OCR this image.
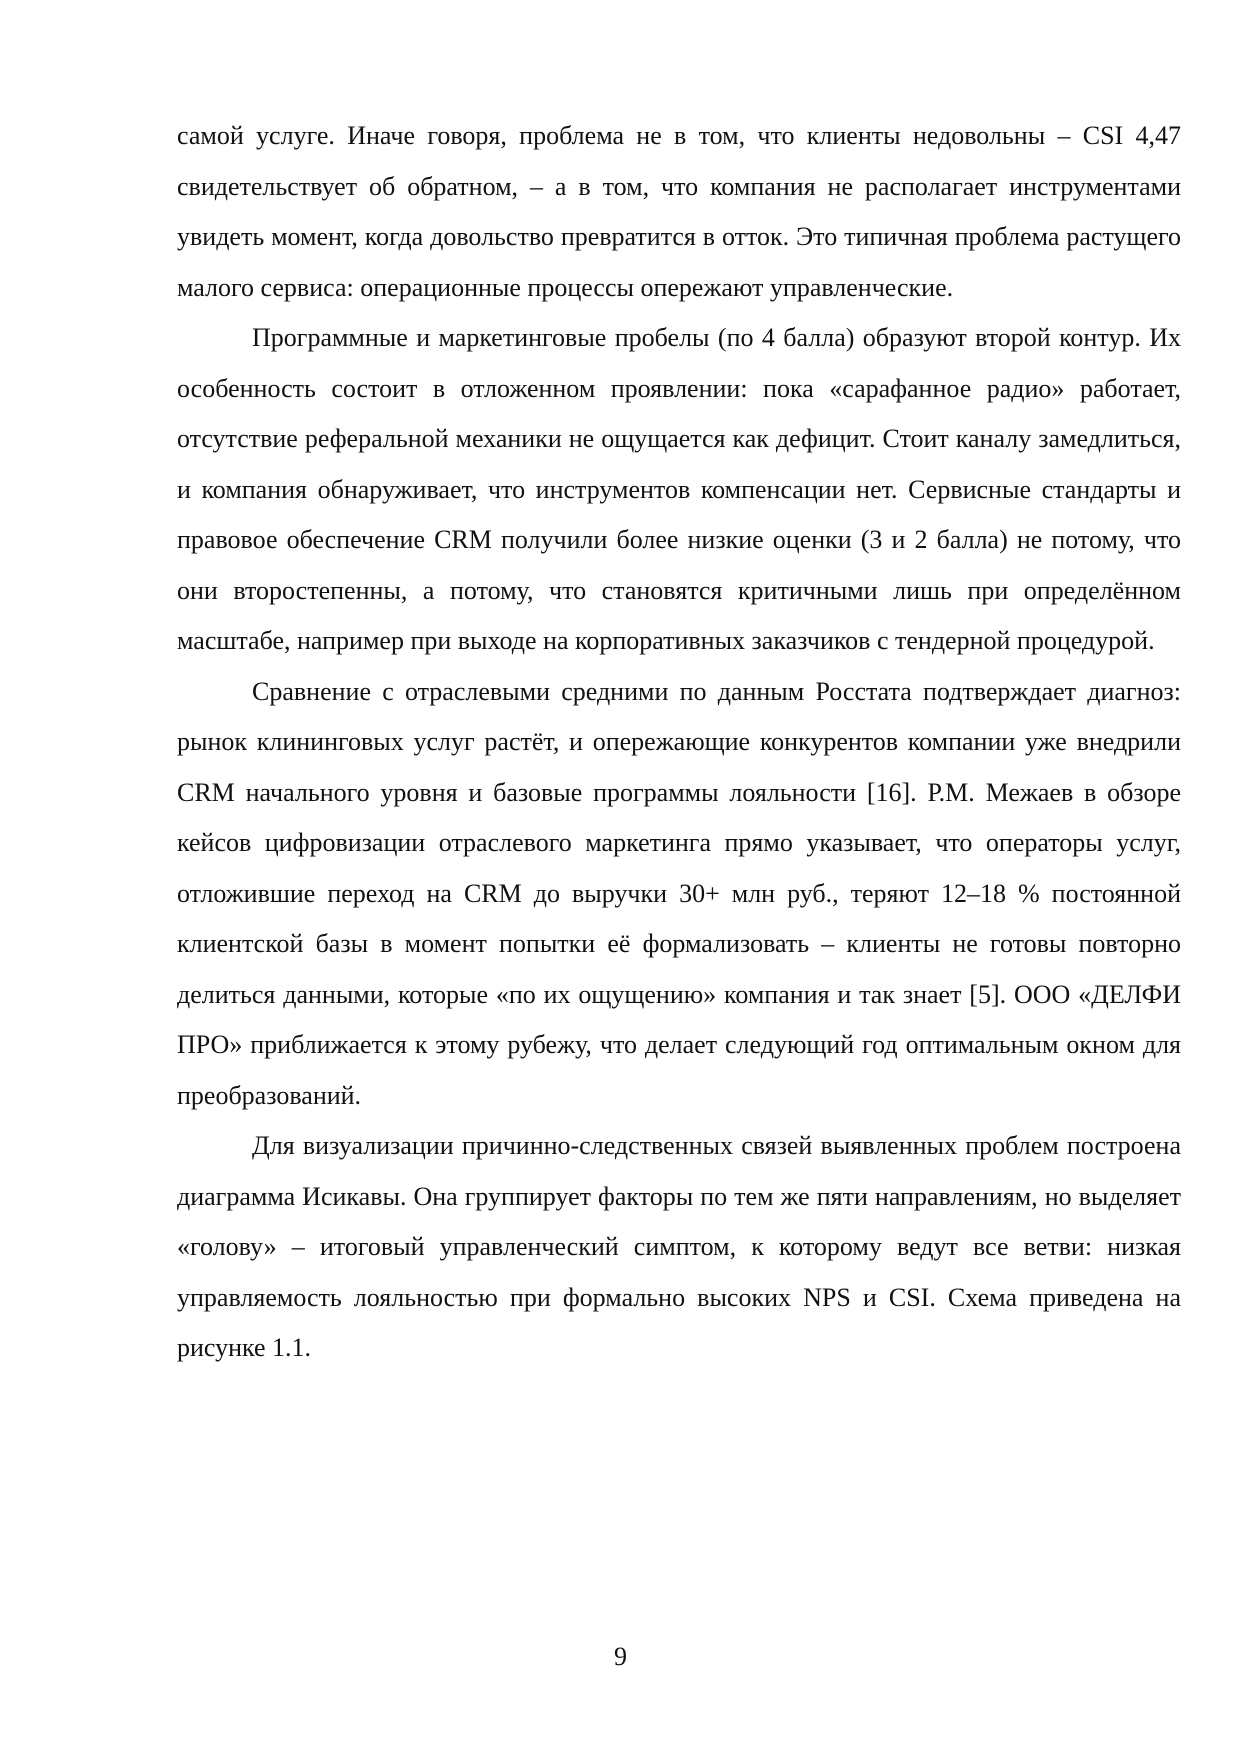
самой услуге. Иначе говоря, проблема не в том, что клиенты недовольны – CSI 4,47 свидетельствует об обратном, – а в том, что компания не располагает инструментами увидеть момент, когда довольство превратится в отток. Это типичная проблема растущего малого сервиса: операционные процессы опережают управленческие.

Программные и маркетинговые пробелы (по 4 балла) образуют второй контур. Их особенность состоит в отложенном проявлении: пока «сарафанное радио» работает, отсутствие реферальной механики не ощущается как дефицит. Стоит каналу замедлиться, и компания обнаруживает, что инструментов компенсации нет. Сервисные стандарты и правовое обеспечение CRM получили более низкие оценки (3 и 2 балла) не потому, что они второстепенны, а потому, что становятся критичными лишь при определённом масштабе, например при выходе на корпоративных заказчиков с тендерной процедурой.

Сравнение с отраслевыми средними по данным Росстата подтверждает диагноз: рынок клининговых услуг растёт, и опережающие конкурентов компании уже внедрили CRM начального уровня и базовые программы лояльности [16]. Р.М. Межаев в обзоре кейсов цифровизации отраслевого маркетинга прямо указывает, что операторы услуг, отложившие переход на CRM до выручки 30+ млн руб., теряют 12–18 % постоянной клиентской базы в момент попытки её формализовать – клиенты не готовы повторно делиться данными, которые «по их ощущению» компания и так знает [5]. ООО «ДЕЛФИ ПРО» приближается к этому рубежу, что делает следующий год оптимальным окном для преобразований.

Для визуализации причинно-следственных связей выявленных проблем построена диаграмма Исикавы. Она группирует факторы по тем же пяти направлениям, но выделяет «голову» – итоговый управленческий симптом, к которому ведут все ветви: низкая управляемость лояльностью при формально высоких NPS и CSI. Схема приведена на рисунке 1.1.

9
